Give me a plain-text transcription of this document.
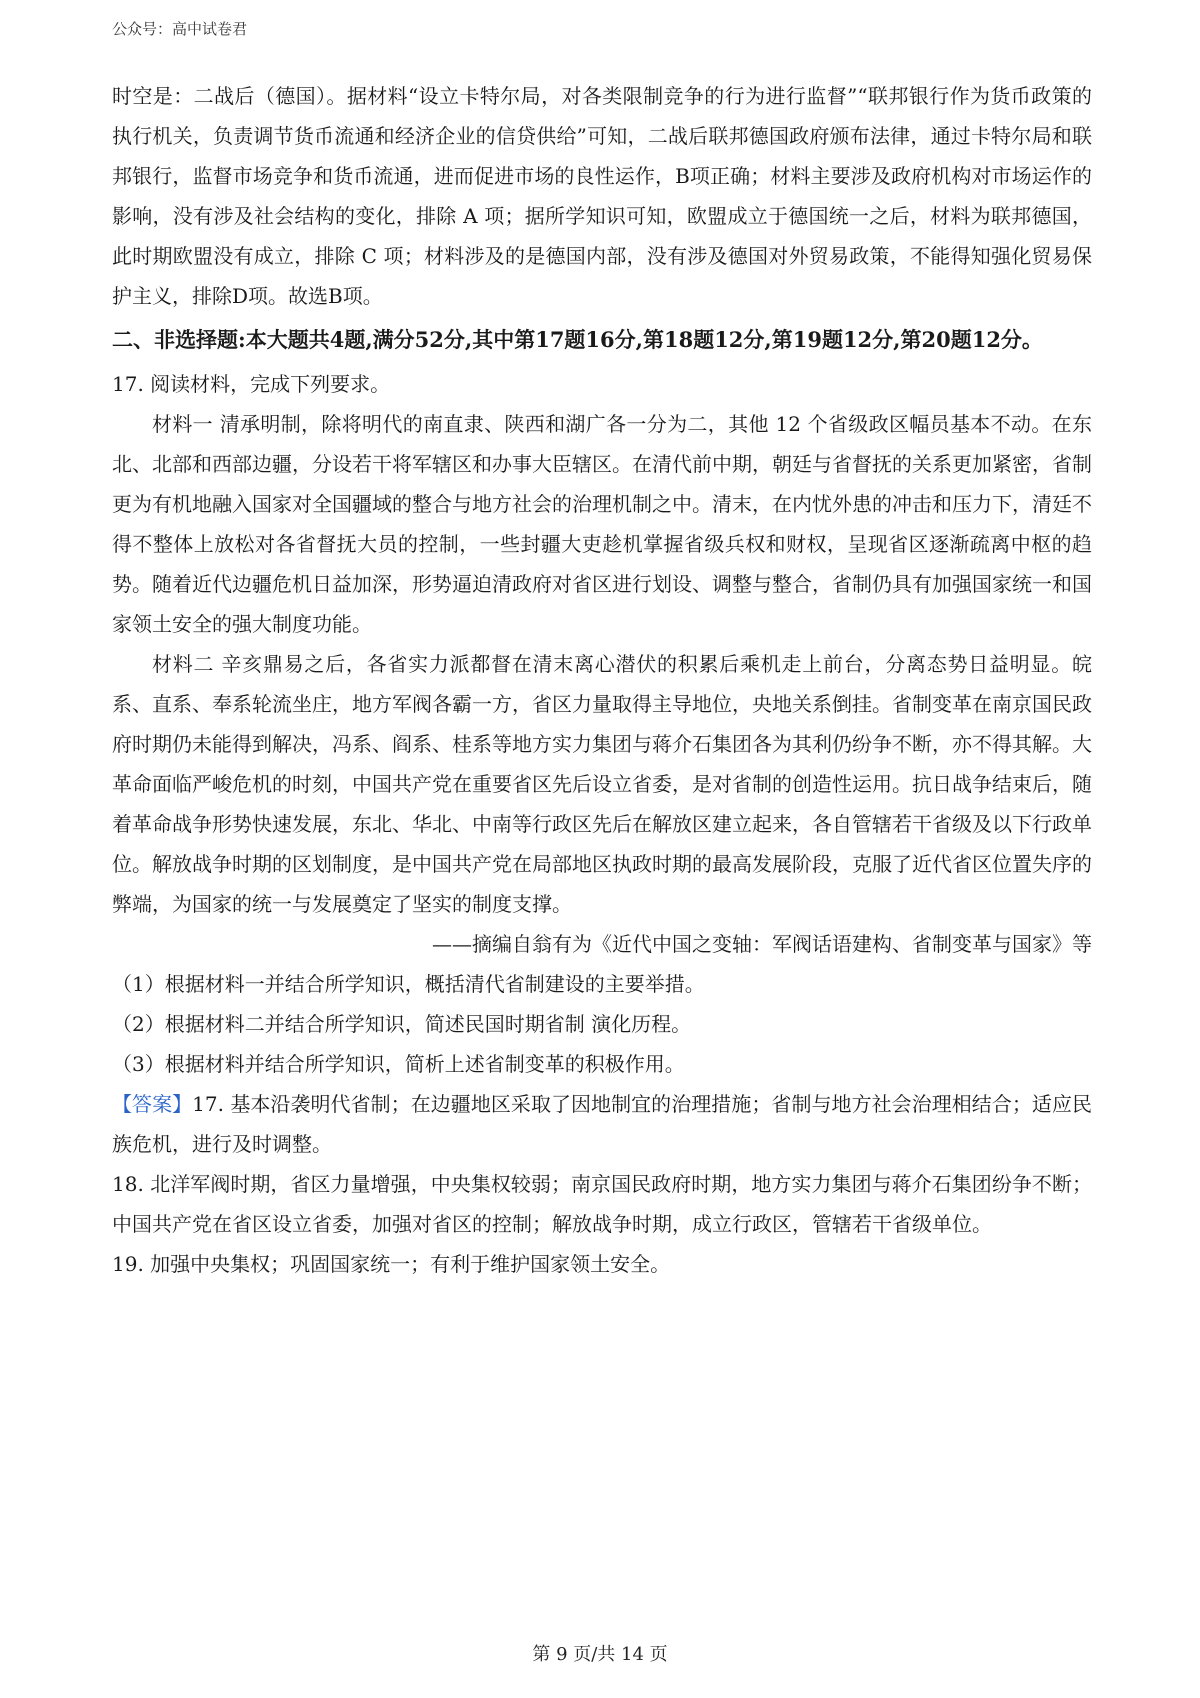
公众号：高中试卷君

时空是：二战后（德国）。据材料“设立卡特尔局，对各类限制竞争的行为进行监督”“联邦银行作为货币政策的执行机关，负责调节货币流通和经济企业的信贷供给”可知，二战后联邦德国政府颁布法律，通过卡特尔局和联邦银行，监督市场竞争和货币流通，进而促进市场的良性运作，B项正确；材料主要涉及政府机构对市场运作的影响，没有涉及社会结构的变化，排除 A 项；据所学知识可知，欧盟成立于德国统一之后，材料为联邦德国，此时期欧盟没有成立，排除 C 项；材料涉及的是德国内部，没有涉及德国对外贸易政策，不能得知强化贸易保护主义，排除D项。故选B项。

二、非选择题:本大题共4题,满分52分,其中第17题16分,第18题12分,第19题12分,第20题12分。

17. 阅读材料，完成下列要求。

材料一 清承明制，除将明代的南直隶、陕西和湖广各一分为二，其他 12 个省级政区幅员基本不动。在东北、北部和西部边疆，分设若干将军辖区和办事大臣辖区。在清代前中期，朝廷与省督抚的关系更加紧密，省制更为有机地融入国家对全国疆域的整合与地方社会的治理机制之中。清末，在内忧外患的冲击和压力下，清廷不得不整体上放松对各省督抚大员的控制，一些封疆大吏趁机掌握省级兵权和财权，呈现省区逐渐疏离中枢的趋势。随着近代边疆危机日益加深，形势逼迫清政府对省区进行划设、调整与整合，省制仍具有加强国家统一和国家领土安全的强大制度功能。

材料二 辛亥鼎易之后，各省实力派都督在清末离心潜伏的积累后乘机走上前台，分离态势日益明显。皖系、直系、奉系轮流坐庄，地方军阀各霸一方，省区力量取得主导地位，央地关系倒挂。省制变革在南京国民政府时期仍未能得到解决，冯系、阎系、桂系等地方实力集团与蒋介石集团各为其利仍纷争不断，亦不得其解。大革命面临严峻危机的时刻，中国共产党在重要省区先后设立省委，是对省制的创造性运用。抗日战争结束后，随着革命战争形势快速发展，东北、华北、中南等行政区先后在解放区建立起来，各自管辖若干省级及以下行政单位。解放战争时期的区划制度，是中国共产党在局部地区执政时期的最高发展阶段，克服了近代省区位置失序的弊端，为国家的统一与发展奠定了坚实的制度支撑。

——摘编自翁有为《近代中国之变轴：军阀话语建构、省制变革与国家》等

（1）根据材料一并结合所学知识，概括清代省制建设的主要举措。

（2）根据材料二并结合所学知识，简述民国时期省制 演化历程。

（3）根据材料并结合所学知识，简析上述省制变革的积极作用。

【答案】17. 基本沿袭明代省制；在边疆地区采取了因地制宜的治理措施；省制与地方社会治理相结合；适应民族危机，进行及时调整。

18. 北洋军阀时期，省区力量增强，中央集权较弱；南京国民政府时期，地方实力集团与蒋介石集团纷争不断；中国共产党在省区设立省委，加强对省区的控制；解放战争时期，成立行政区，管辖若干省级单位。

19. 加强中央集权；巩固国家统一；有利于维护国家领土安全。

第 9 页/共 14 页
